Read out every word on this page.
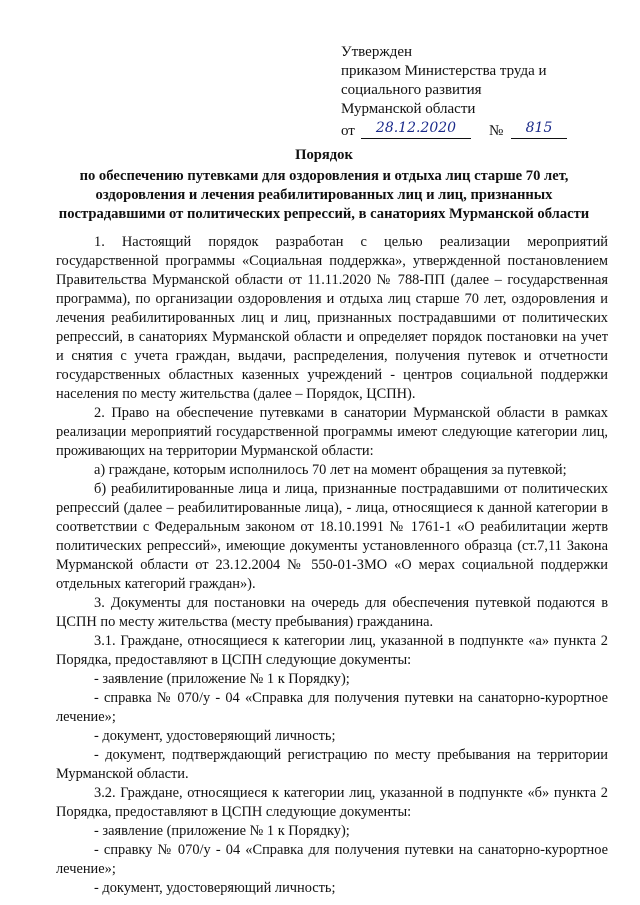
Утвержден
приказом Министерства труда и
социального развития
Мурманской области
от	28.12.2020	№	815
Порядок
по обеспечению путевками для оздоровления и отдыха лиц старше 70 лет,
оздоровления и лечения реабилитированных лиц и лиц, признанных
пострадавшими от политических репрессий, в санаториях Мурманской области

1. Настоящий порядок разработан с целью реализации мероприятий государственной программы «Социальная поддержка», утвержденной постановлением Правительства Мурманской области от 11.11.2020 № 788-ПП (далее – государственная программа), по организации оздоровления и отдыха лиц старше 70 лет, оздоровления и лечения реабилитированных лиц и лиц, признанных пострадавшими от политических репрессий, в санаториях Мурманской области и определяет порядок постановки на учет и снятия с учета граждан, выдачи, распределения, получения путевок и отчетности государственных областных казенных учреждений - центров социальной поддержки населения по месту жительства (далее – Порядок, ЦСПН).

2. Право на обеспечение путевками в санатории Мурманской области в рамках реализации мероприятий государственной программы имеют следующие категории лиц, проживающих на территории Мурманской области:

а) граждане, которым исполнилось 70 лет на момент обращения за путевкой;

б) реабилитированные лица и лица, признанные пострадавшими от политических репрессий (далее – реабилитированные лица), - лица, относящиеся к данной категории в соответствии с Федеральным законом от 18.10.1991 № 1761-1 «О реабилитации жертв политических репрессий», имеющие документы установленного образца (ст.7,11 Закона Мурманской области от 23.12.2004 № 550-01-ЗМО «О мерах социальной поддержки отдельных категорий граждан»).

3. Документы для постановки на очередь для обеспечения путевкой подаются в ЦСПН по месту жительства (месту пребывания) гражданина.

3.1. Граждане, относящиеся к категории лиц, указанной в подпункте «а» пункта 2 Порядка, предоставляют в ЦСПН следующие документы:

- заявление (приложение № 1 к Порядку);

- справка № 070/у - 04 «Справка для получения путевки на санаторно-курортное лечение»;

- документ, удостоверяющий личность;

- документ, подтверждающий регистрацию по месту пребывания на территории Мурманской области.

3.2. Граждане, относящиеся к категории лиц, указанной в подпункте «б» пункта 2 Порядка, предоставляют в ЦСПН следующие документы:

- заявление (приложение № 1 к Порядку);

- справку № 070/у - 04 «Справка для получения путевки на санаторно-курортное лечение»;

- документ, удостоверяющий личность;
